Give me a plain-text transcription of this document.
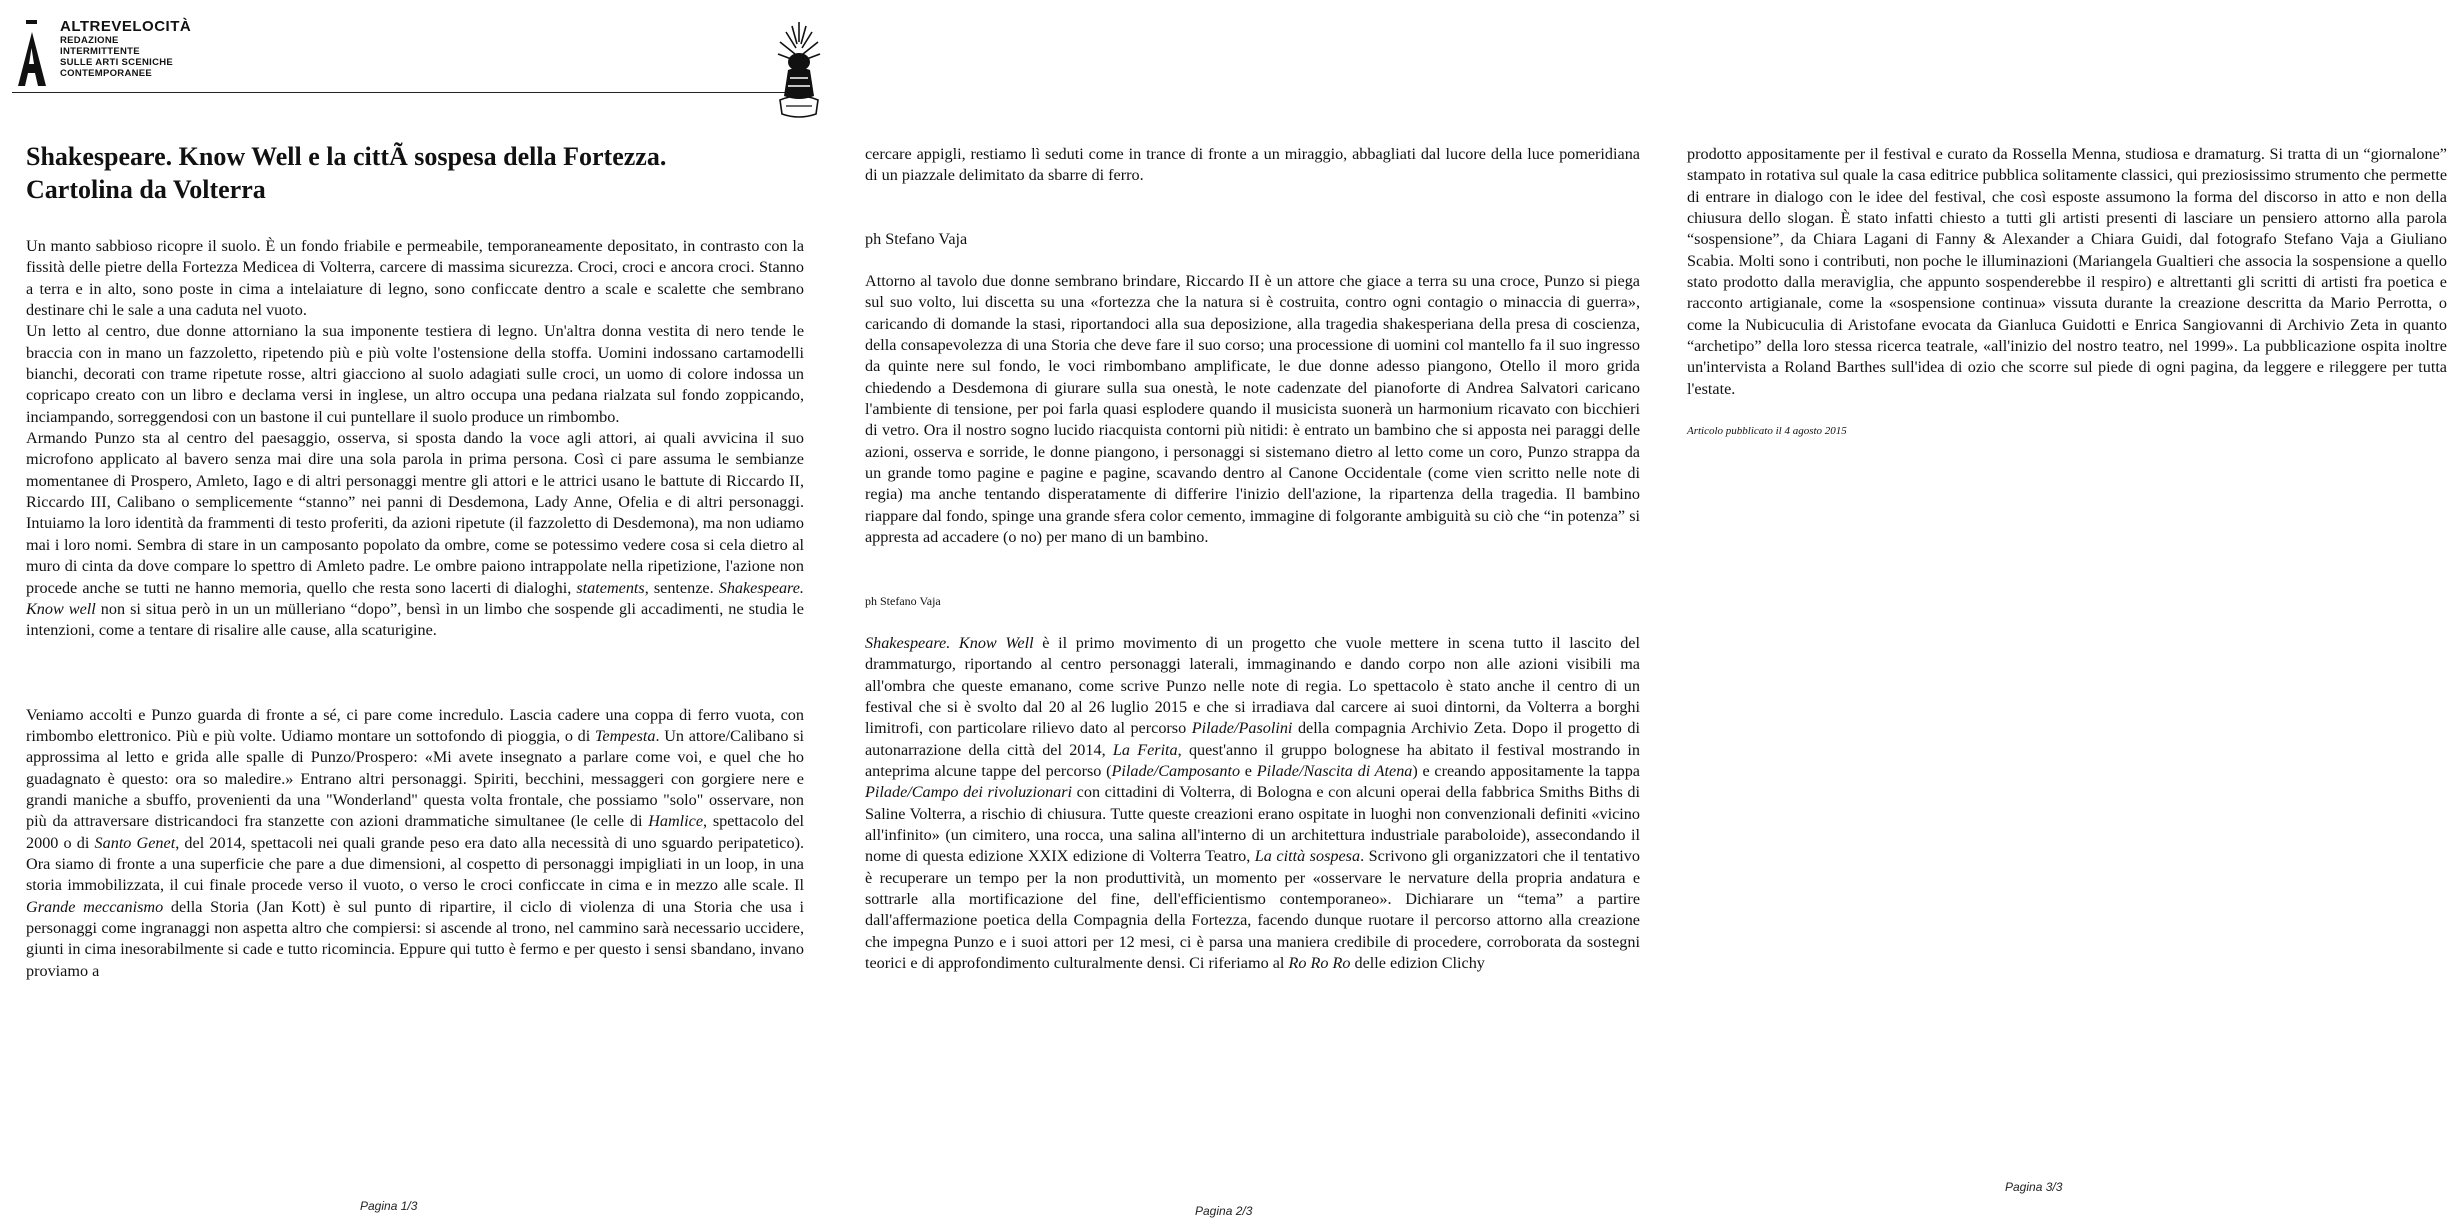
ALTREVELOCITÀ
REDAZIONE
INTERMITTENTE
SULLE ARTI SCENICHE
CONTEMPORANEE
Shakespeare. Know Well e la cittÃ sospesa della Fortezza.
Cartolina da Volterra

Un manto sabbioso ricopre il suolo. È un fondo friabile e permeabile, temporaneamente depositato, in contrasto con la fissità delle pietre della Fortezza Medicea di Volterra, carcere di massima sicurezza. Croci, croci e ancora croci. Stanno a terra e in alto, sono poste in cima a intelaiature di legno, sono conficcate dentro a scale e scalette che sembrano destinare chi le sale a una caduta nel vuoto.

Un letto al centro, due donne attorniano la sua imponente testiera di legno. Un'altra donna vestita di nero tende le braccia con in mano un fazzoletto, ripetendo più e più volte l'ostensione della stoffa. Uomini indossano cartamodelli bianchi, decorati con trame ripetute rosse, altri giacciono al suolo adagiati sulle croci, un uomo di colore indossa un copricapo creato con un libro e declama versi in inglese, un altro occupa una pedana rialzata sul fondo zoppicando, inciampando, sorreggendosi con un bastone il cui puntellare il suolo produce un rimbombo.

Armando Punzo sta al centro del paesaggio, osserva, si sposta dando la voce agli attori, ai quali avvicina il suo microfono applicato al bavero senza mai dire una sola parola in prima persona. Così ci pare assuma le sembianze momentanee di Prospero, Amleto, Iago e di altri personaggi mentre gli attori e le attrici usano le battute di Riccardo II, Riccardo III, Calibano o semplicemente “stanno” nei panni di Desdemona, Lady Anne, Ofelia e di altri personaggi. Intuiamo la loro identità da frammenti di testo proferiti, da azioni ripetute (il fazzoletto di Desdemona), ma non udiamo mai i loro nomi. Sembra di stare in un camposanto popolato da ombre, come se potessimo vedere cosa si cela dietro al muro di cinta da dove compare lo spettro di Amleto padre. Le ombre paiono intrappolate nella ripetizione, l'azione non procede anche se tutti ne hanno memoria, quello che resta sono lacerti di dialoghi, statements, sentenze. Shakespeare. Know well non si situa però in un un mülleriano “dopo”, bensì in un limbo che sospende gli accadimenti, ne studia le intenzioni, come a tentare di risalire alle cause, alla scaturigine.

Veniamo accolti e Punzo guarda di fronte a sé, ci pare come incredulo. Lascia cadere una coppa di ferro vuota, con rimbombo elettronico. Più e più volte. Udiamo montare un sottofondo di pioggia, o di Tempesta. Un attore/Calibano si approssima al letto e grida alle spalle di Punzo/Prospero: «Mi avete insegnato a parlare come voi, e quel che ho guadagnato è questo: ora so maledire.» Entrano altri personaggi. Spiriti, becchini, messaggeri con gorgiere nere e grandi maniche a sbuffo, provenienti da una "Wonderland" questa volta frontale, che possiamo "solo" osservare, non più da attraversare districandoci fra stanzette con azioni drammatiche simultanee (le celle di Hamlice, spettacolo del 2000 o di Santo Genet, del 2014, spettacoli nei quali grande peso era dato alla necessità di uno sguardo peripatetico). Ora siamo di fronte a una superficie che pare a due dimensioni, al cospetto di personaggi impigliati in un loop, in una storia immobilizzata, il cui finale procede verso il vuoto, o verso le croci conficcate in cima e in mezzo alle scale. Il Grande meccanismo della Storia (Jan Kott) è sul punto di ripartire, il ciclo di violenza di una Storia che usa i personaggi come ingranaggi non aspetta altro che compiersi: si ascende al trono, nel cammino sarà necessario uccidere, giunti in cima inesorabilmente si cade e tutto ricomincia. Eppure qui tutto è fermo e per questo i sensi sbandano, invano proviamo a

Pagina 1/3

cercare appigli, restiamo lì seduti come in trance di fronte a un miraggio, abbagliati dal lucore della luce pomeridiana di un piazzale delimitato da sbarre di ferro.

ph Stefano Vaja

Attorno al tavolo due donne sembrano brindare, Riccardo II è un attore che giace a terra su una croce, Punzo si piega sul suo volto, lui discetta su una «fortezza che la natura si è costruita, contro ogni contagio o minaccia di guerra», caricando di domande la stasi, riportandoci alla sua deposizione, alla tragedia shakesperiana della presa di coscienza, della consapevolezza di una Storia che deve fare il suo corso; una processione di uomini col mantello fa il suo ingresso da quinte nere sul fondo, le voci rimbombano amplificate, le due donne adesso piangono, Otello il moro grida chiedendo a Desdemona di giurare sulla sua onestà, le note cadenzate del pianoforte di Andrea Salvatori caricano l'ambiente di tensione, per poi farla quasi esplodere quando il musicista suonerà un harmonium ricavato con bicchieri di vetro. Ora il nostro sogno lucido riacquista contorni più nitidi: è entrato un bambino che si apposta nei paraggi delle azioni, osserva e sorride, le donne piangono, i personaggi si sistemano dietro al letto come un coro, Punzo strappa da un grande tomo pagine e pagine e pagine, scavando dentro al Canone Occidentale (come vien scritto nelle note di regia) ma anche tentando disperatamente di differire l'inizio dell'azione, la ripartenza della tragedia. Il bambino riappare dal fondo, spinge una grande sfera color cemento, immagine di folgorante ambiguità su ciò che “in potenza” si appresta ad accadere (o no) per mano di un bambino.

ph Stefano Vaja

Shakespeare. Know Well è il primo movimento di un progetto che vuole mettere in scena tutto il lascito del drammaturgo, riportando al centro personaggi laterali, immaginando e dando corpo non alle azioni visibili ma all'ombra che queste emanano, come scrive Punzo nelle note di regia. Lo spettacolo è stato anche il centro di un festival che si è svolto dal 20 al 26 luglio 2015 e che si irradiava dal carcere ai suoi dintorni, da Volterra a borghi limitrofi, con particolare rilievo dato al percorso Pilade/Pasolini della compagnia Archivio Zeta. Dopo il progetto di autonarrazione della città del 2014, La Ferita, quest'anno il gruppo bolognese ha abitato il festival mostrando in anteprima alcune tappe del percorso (Pilade/Camposanto e Pilade/Nascita di Atena) e creando appositamente la tappa Pilade/Campo dei rivoluzionari con cittadini di Volterra, di Bologna e con alcuni operai della fabbrica Smiths Biths di Saline Volterra, a rischio di chiusura. Tutte queste creazioni erano ospitate in luoghi non convenzionali definiti «vicino all'infinito» (un cimitero, una rocca, una salina all'interno di un architettura industriale paraboloide), assecondando il nome di questa edizione XXIX edizione di Volterra Teatro, La città sospesa. Scrivono gli organizzatori che il tentativo è recuperare un tempo per la non produttività, un momento per «osservare le nervature della propria andatura e sottrarle alla mortificazione del fine, dell'efficientismo contemporaneo». Dichiarare un “tema” a partire dall'affermazione poetica della Compagnia della Fortezza, facendo dunque ruotare il percorso attorno alla creazione che impegna Punzo e i suoi attori per 12 mesi, ci è parsa una maniera credibile di procedere, corroborata da sostegni teorici e di approfondimento culturalmente densi. Ci riferiamo al Ro Ro Ro delle edizion Clichy

Pagina 2/3

prodotto appositamente per il festival e curato da Rossella Menna, studiosa e dramaturg. Si tratta di un “giornalone” stampato in rotativa sul quale la casa editrice pubblica solitamente classici, qui preziosissimo strumento che permette di entrare in dialogo con le idee del festival, che così esposte assumono la forma del discorso in atto e non della chiusura dello slogan. È stato infatti chiesto a tutti gli artisti presenti di lasciare un pensiero attorno alla parola “sospensione”, da Chiara Lagani di Fanny & Alexander a Chiara Guidi, dal fotografo Stefano Vaja a Giuliano Scabia. Molti sono i contributi, non poche le illuminazioni (Mariangela Gualtieri che associa la sospensione a quello stato prodotto dalla meraviglia, che appunto sospenderebbe il respiro) e altrettanti gli scritti di artisti fra poetica e racconto artigianale, come la «sospensione continua» vissuta durante la creazione descritta da Mario Perrotta, o come la Nubicuculia di Aristofane evocata da Gianluca Guidotti e Enrica Sangiovanni di Archivio Zeta in quanto “archetipo” della loro stessa ricerca teatrale, «all'inizio del nostro teatro, nel 1999». La pubblicazione ospita inoltre un'intervista a Roland Barthes sull'idea di ozio che scorre sul piede di ogni pagina, da leggere e rileggere per tutta l'estate.

Articolo pubblicato il 4 agosto 2015

Pagina 3/3
